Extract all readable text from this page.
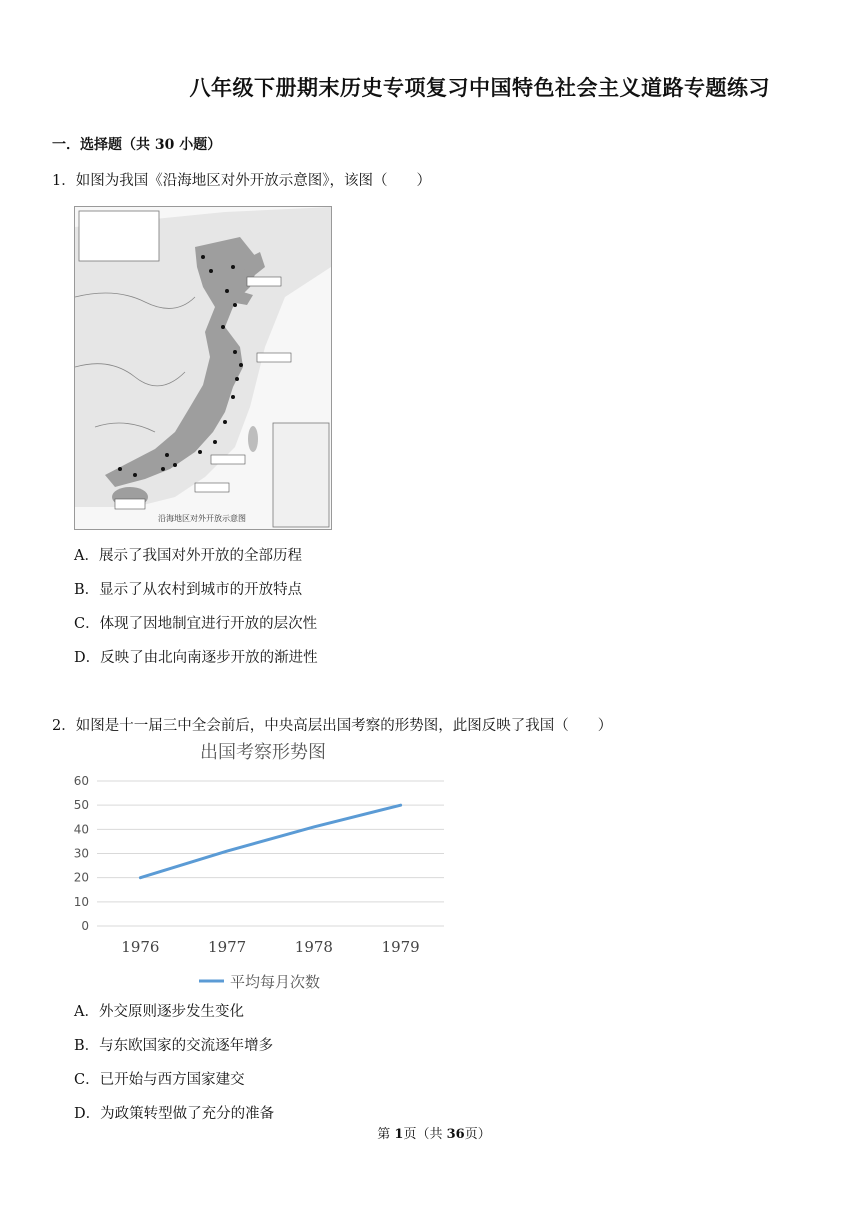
八年级下册期末历史专项复习中国特色社会主义道路专题练习
一．选择题（共 30 小题）
1．如图为我国《沿海地区对外开放示意图》，该图（　　）
沿海地区对外开放示意图
A．展示了我国对外开放的全部历程
B．显示了从农村到城市的开放特点
C．体现了因地制宜进行开放的层次性
D．反映了由北向南逐步开放的渐进性
2．如图是十一届三中全会前后，中央高层出国考察的形势图，此图反映了我国（　　）
出国考察形势图
0
10
20
30
40
50
60
1976	1977	1978	1979
平均每月次数
A．外交原则逐步发生变化
B．与东欧国家的交流逐年增多
C．已开始与西方国家建交
D．为政策转型做了充分的准备
第 1页（共 36页）
